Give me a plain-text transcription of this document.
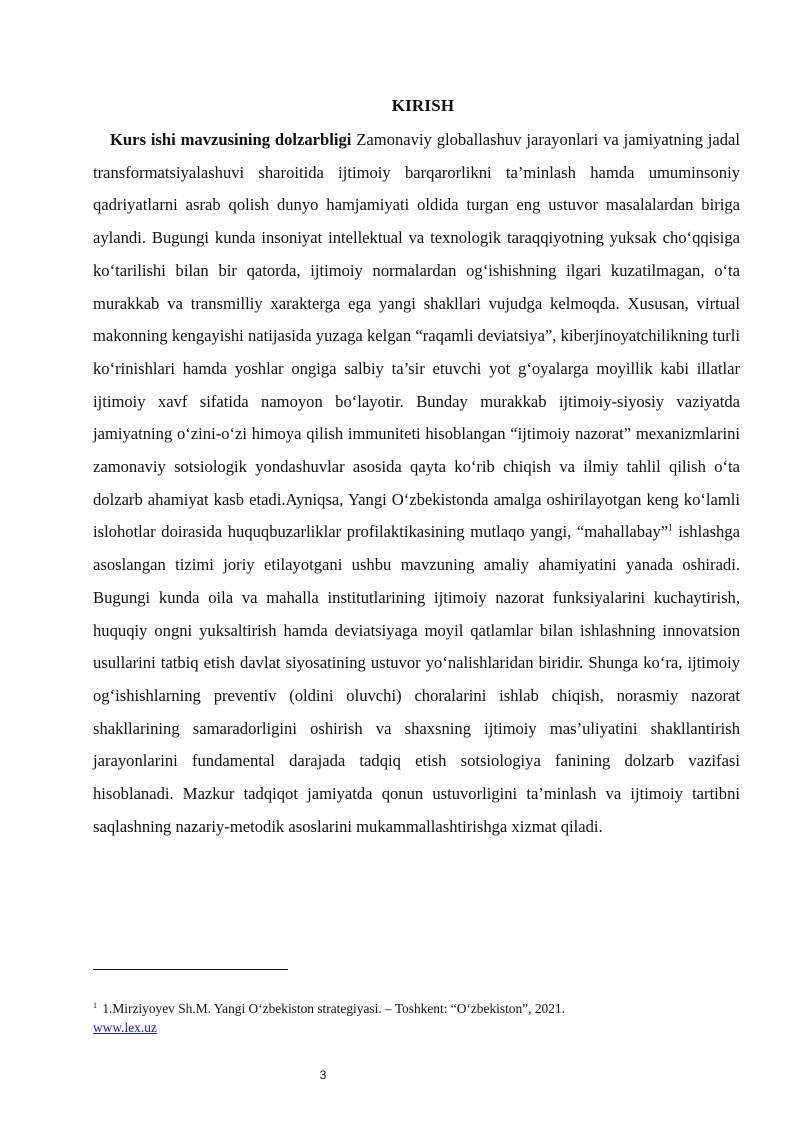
KIRISH

Kurs ishi mavzusining dolzarbligi Zamonaviy globallashuv jarayonlari va jamiyatning jadal transformatsiyalashuvi sharoitida ijtimoiy barqarorlikni ta’minlash hamda umuminsoniy qadriyatlarni asrab qolish dunyo hamjamiyati oldida turgan eng ustuvor masalalardan biriga aylandi. Bugungi kunda insoniyat intellektual va texnologik taraqqiyotning yuksak cho‘qqisiga ko‘tarilishi bilan bir qatorda, ijtimoiy normalardan og‘ishishning ilgari kuzatilmagan, o‘ta murakkab va transmilliy xarakterga ega yangi shakllari vujudga kelmoqda. Xususan, virtual makonning kengayishi natijasida yuzaga kelgan “raqamli deviatsiya”, kiberjinoyatchilikning turli ko‘rinishlari hamda yoshlar ongiga salbiy ta’sir etuvchi yot g‘oyalarga moyillik kabi illatlar ijtimoiy xavf sifatida namoyon bo‘layotir. Bunday murakkab ijtimoiy-siyosiy vaziyatda jamiyatning o‘zini-o‘zi himoya qilish immuniteti hisoblangan “ijtimoiy nazorat” mexanizmlarini zamonaviy sotsiologik yondashuvlar asosida qayta ko‘rib chiqish va ilmiy tahlil qilish o‘ta dolzarb ahamiyat kasb etadi.Ayniqsa, Yangi O‘zbekistonda amalga oshirilayotgan keng ko‘lamli islohotlar doirasida huquqbuzarliklar profilaktikasining mutlaqo yangi, “mahallabay”$^1$ ishlashga asoslangan tizimi joriy etilayotgani ushbu mavzuning amaliy ahamiyatini yanada oshiradi. Bugungi kunda oila va mahalla institutlarining ijtimoiy nazorat funksiyalarini kuchaytirish, huquqiy ongni yuksaltirish hamda deviatsiyaga moyil qatlamlar bilan ishlashning innovatsion usullarini tatbiq etish davlat siyosatining ustuvor yo‘nalishlaridan biridir. Shunga ko‘ra, ijtimoiy og‘ishishlarning preventiv (oldini oluvchi) choralarini ishlab chiqish, norasmiy nazorat shakllarining samaradorligini oshirish va shaxsning ijtimoiy mas’uliyatini shakllantirish jarayonlarini fundamental darajada tadqiq etish sotsiologiya fanining dolzarb vazifasi hisoblanadi. Mazkur tadqiqot jamiyatda qonun ustuvorligini ta’minlash va ijtimoiy tartibni saqlashning nazariy-metodik asoslarini mukammallashtirishga xizmat qiladi.

$^1$ 1.Mirziyoyev Sh.M. Yangi O‘zbekiston strategiyasi. – Toshkent: “O‘zbekiston”, 2021.
www.lex.uz
3
